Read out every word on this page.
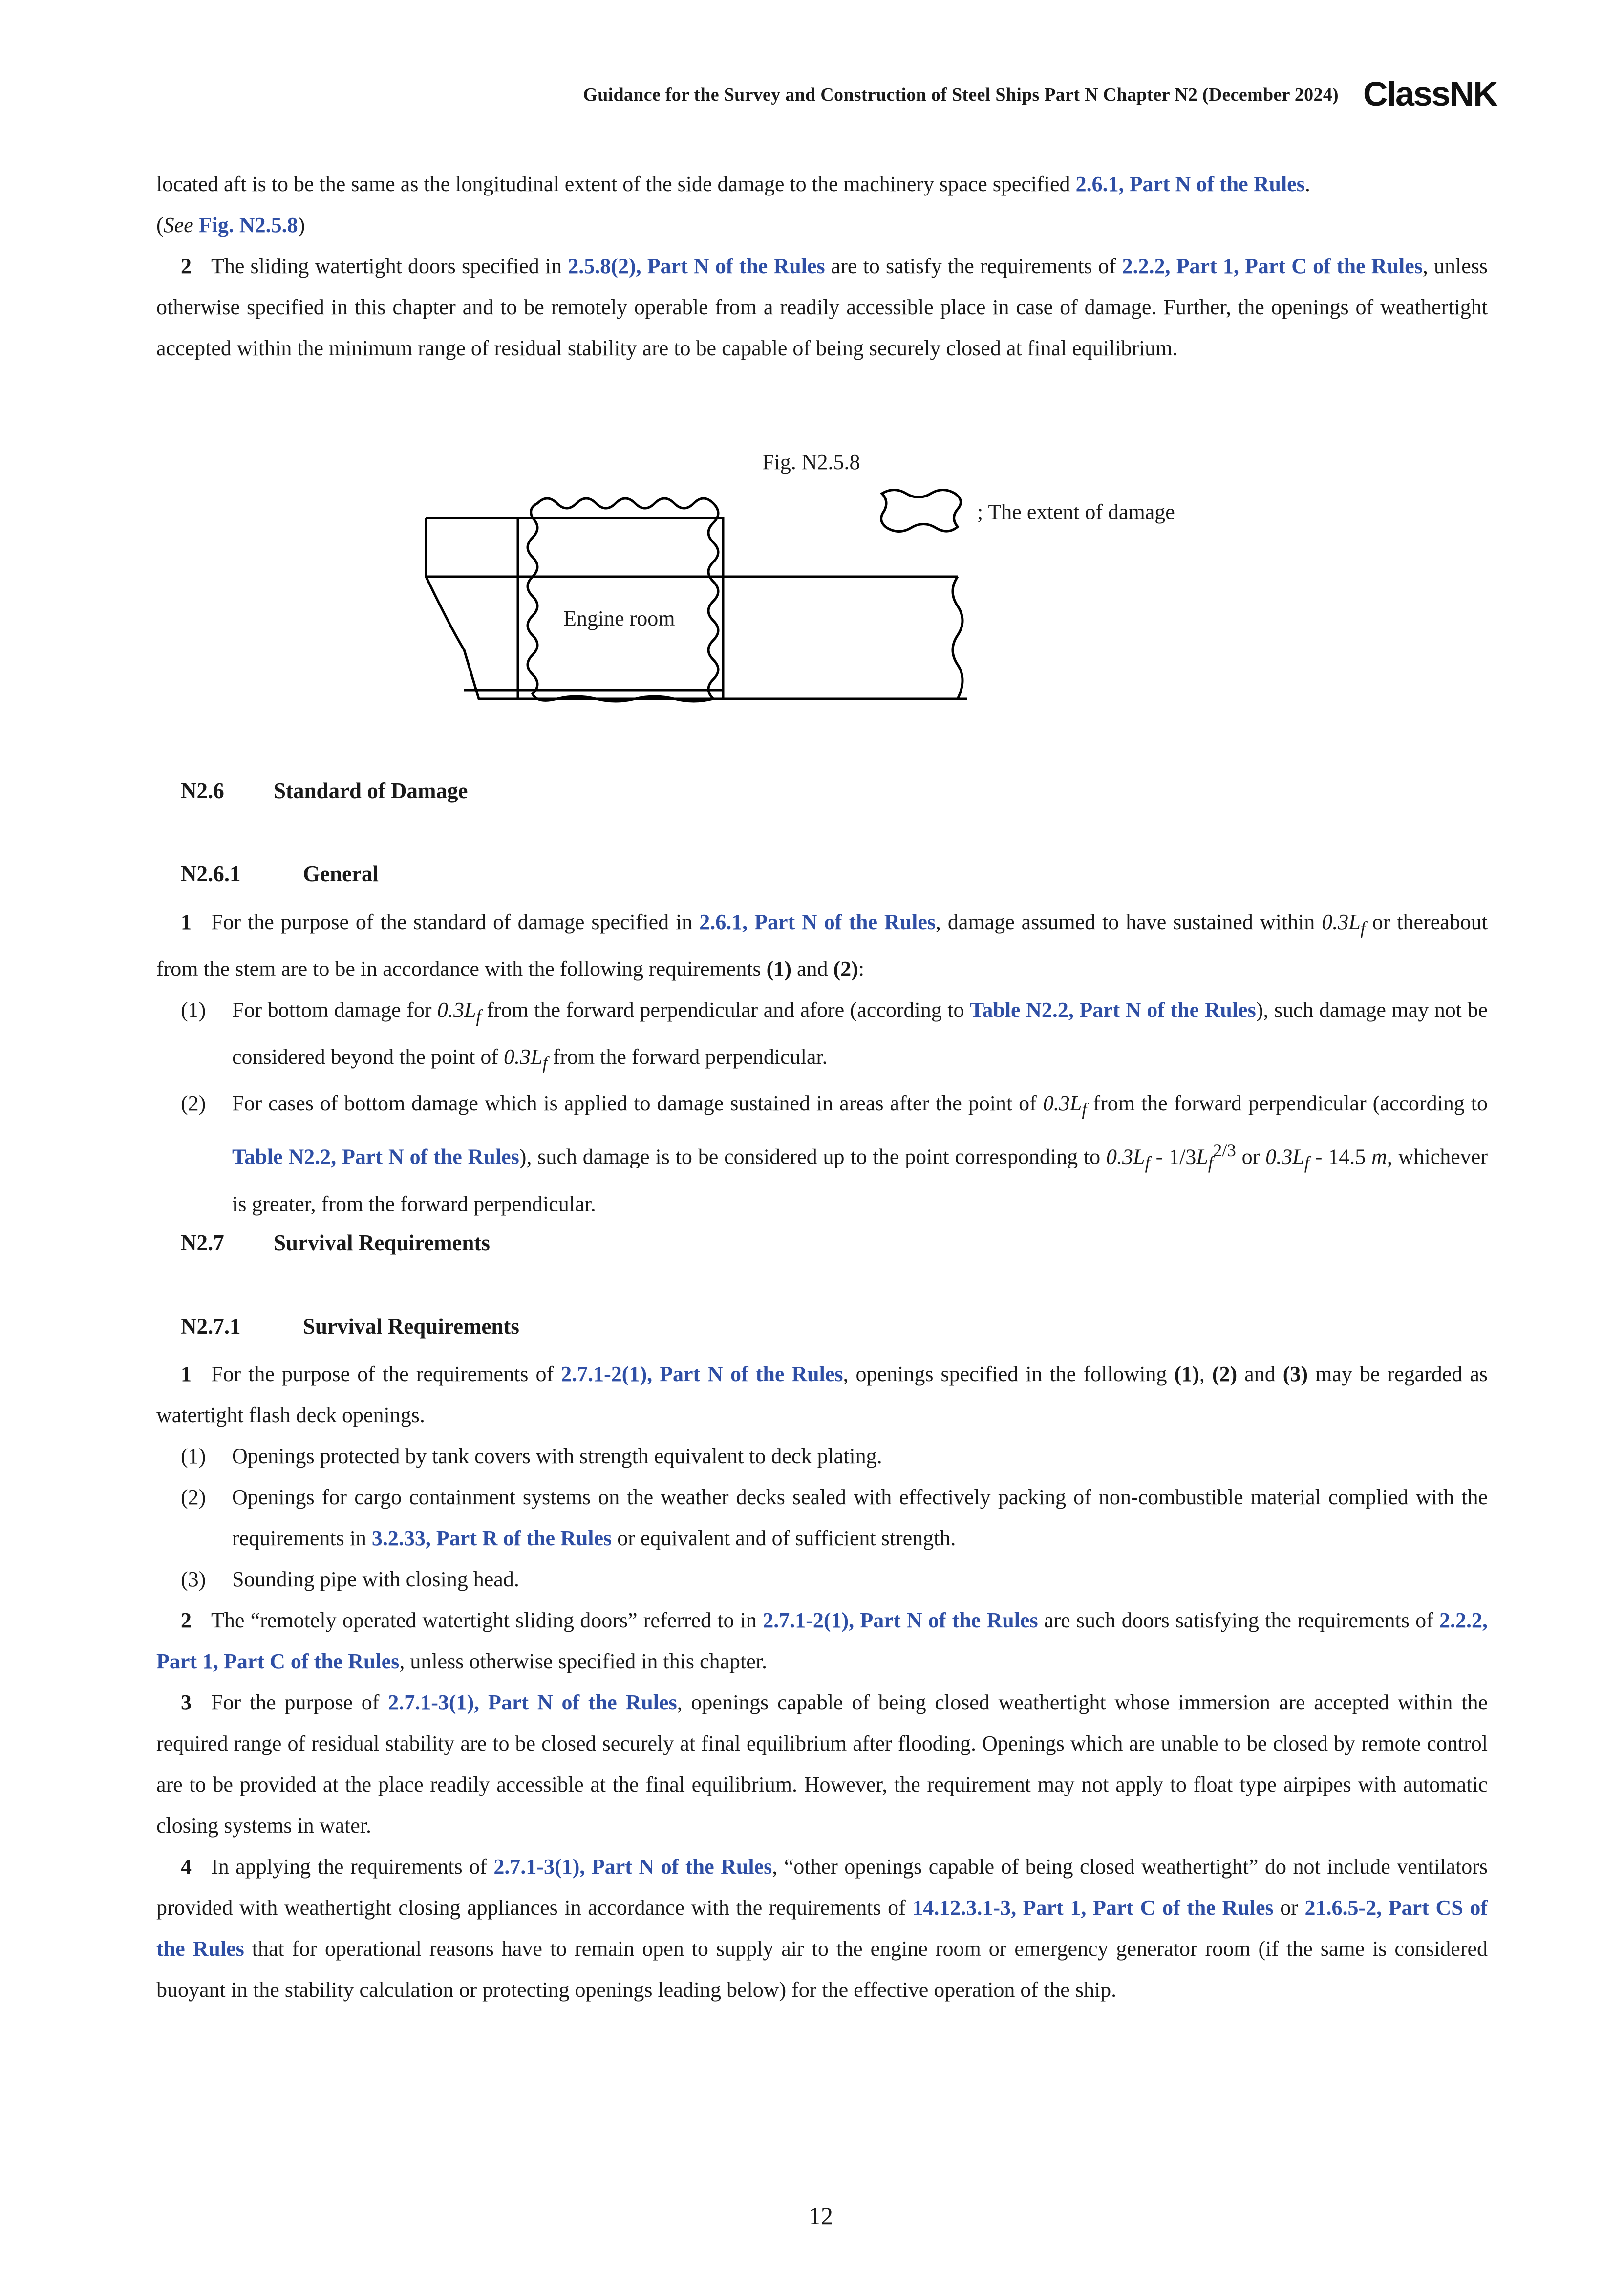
Guidance for the Survey and Construction of Steel Ships Part N Chapter N2 (December 2024) ClassNK

located aft is to be the same as the longitudinal extent of the side damage to the machinery space specified 2.6.1, Part N of the Rules.

(See Fig. N2.5.8)

2 The sliding watertight doors specified in 2.5.8(2), Part N of the Rules are to satisfy the requirements of 2.2.2, Part 1, Part C of the Rules, unless otherwise specified in this chapter and to be remotely operable from a readily accessible place in case of damage. Further, the openings of weathertight accepted within the minimum range of residual stability are to be capable of being securely closed at final equilibrium.

Fig. N2.5.8
; The extent of damage
Engine room
N2.6 Standard of Damage
N2.6.1	General

1 For the purpose of the standard of damage specified in 2.6.1, Part N of the Rules, damage assumed to have sustained within $0.3L_f$ or thereabout from the stem are to be in accordance with the following requirements (1) and (2):

(1) For bottom damage for $0.3L_f$ from the forward perpendicular and afore (according to Table N2.2, Part N of the Rules), such damage may not be considered beyond the point of $0.3L_f$ from the forward perpendicular.

(2) For cases of bottom damage which is applied to damage sustained in areas after the point of $0.3L_f$ from the forward perpendicular (according to Table N2.2, Part N of the Rules), such damage is to be considered up to the point corresponding to $0.3L_f - 1/3L_f^{2/3}$ or $0.3L_f - 14.5$ m, whichever is greater, from the forward perpendicular.

N2.7 Survival Requirements
N2.7.1	Survival Requirements

1 For the purpose of the requirements of 2.7.1-2(1), Part N of the Rules, openings specified in the following (1), (2) and (3) may be regarded as watertight flash deck openings.

(1) Openings protected by tank covers with strength equivalent to deck plating.

(2) Openings for cargo containment systems on the weather decks sealed with effectively packing of non-combustible material complied with the requirements in 3.2.33, Part R of the Rules or equivalent and of sufficient strength.

(3) Sounding pipe with closing head.

2 The “remotely operated watertight sliding doors” referred to in 2.7.1-2(1), Part N of the Rules are such doors satisfying the requirements of 2.2.2, Part 1, Part C of the Rules, unless otherwise specified in this chapter.

3 For the purpose of 2.7.1-3(1), Part N of the Rules, openings capable of being closed weathertight whose immersion are accepted within the required range of residual stability are to be closed securely at final equilibrium after flooding. Openings which are unable to be closed by remote control are to be provided at the place readily accessible at the final equilibrium. However, the requirement may not apply to float type airpipes with automatic closing systems in water.

4 In applying the requirements of 2.7.1-3(1), Part N of the Rules, “other openings capable of being closed weathertight” do not include ventilators provided with weathertight closing appliances in accordance with the requirements of 14.12.3.1-3, Part 1, Part C of the Rules or 21.6.5-2, Part CS of the Rules that for operational reasons have to remain open to supply air to the engine room or emergency generator room (if the same is considered buoyant in the stability calculation or protecting openings leading below) for the effective operation of the ship.

12
